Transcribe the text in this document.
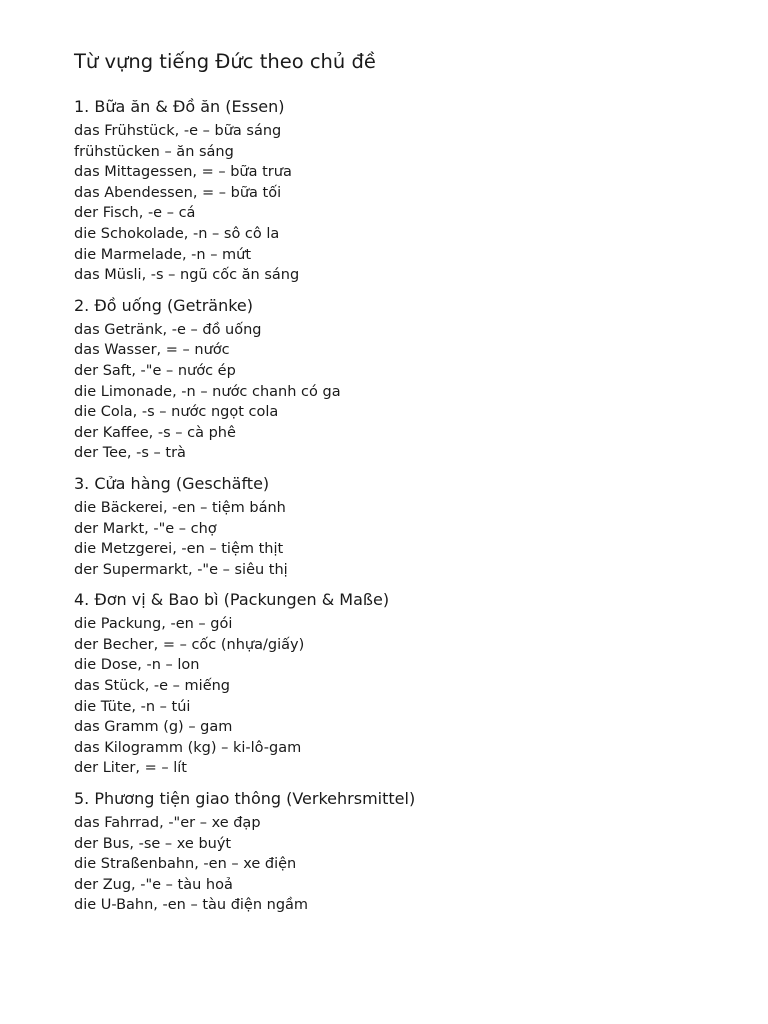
Từ vựng tiếng Đức theo chủ đề
1. Bữa ăn & Đồ ăn (Essen)
das Frühstück, -e – bữa sáng
frühstücken – ăn sáng
das Mittagessen, = – bữa trưa
das Abendessen, = – bữa tối
der Fisch, -e – cá
die Schokolade, -n – sô cô la
die Marmelade, -n – mứt
das Müsli, -s – ngũ cốc ăn sáng
2. Đồ uống (Getränke)
das Getränk, -e – đồ uống
das Wasser, = – nước
der Saft, -"e – nước ép
die Limonade, -n – nước chanh có ga
die Cola, -s – nước ngọt cola
der Kaffee, -s – cà phê
der Tee, -s – trà
3. Cửa hàng (Geschäfte)
die Bäckerei, -en – tiệm bánh
der Markt, -"e – chợ
die Metzgerei, -en – tiệm thịt
der Supermarkt, -"e – siêu thị
4. Đơn vị & Bao bì (Packungen & Maße)
die Packung, -en – gói
der Becher, = – cốc (nhựa/giấy)
die Dose, -n – lon
das Stück, -e – miếng
die Tüte, -n – túi
das Gramm (g) – gam
das Kilogramm (kg) – ki-lô-gam
der Liter, = – lít
5. Phương tiện giao thông (Verkehrsmittel)
das Fahrrad, -"er – xe đạp
der Bus, -se – xe buýt
die Straßenbahn, -en – xe điện
der Zug, -"e – tàu hoả
die U-Bahn, -en – tàu điện ngầm
